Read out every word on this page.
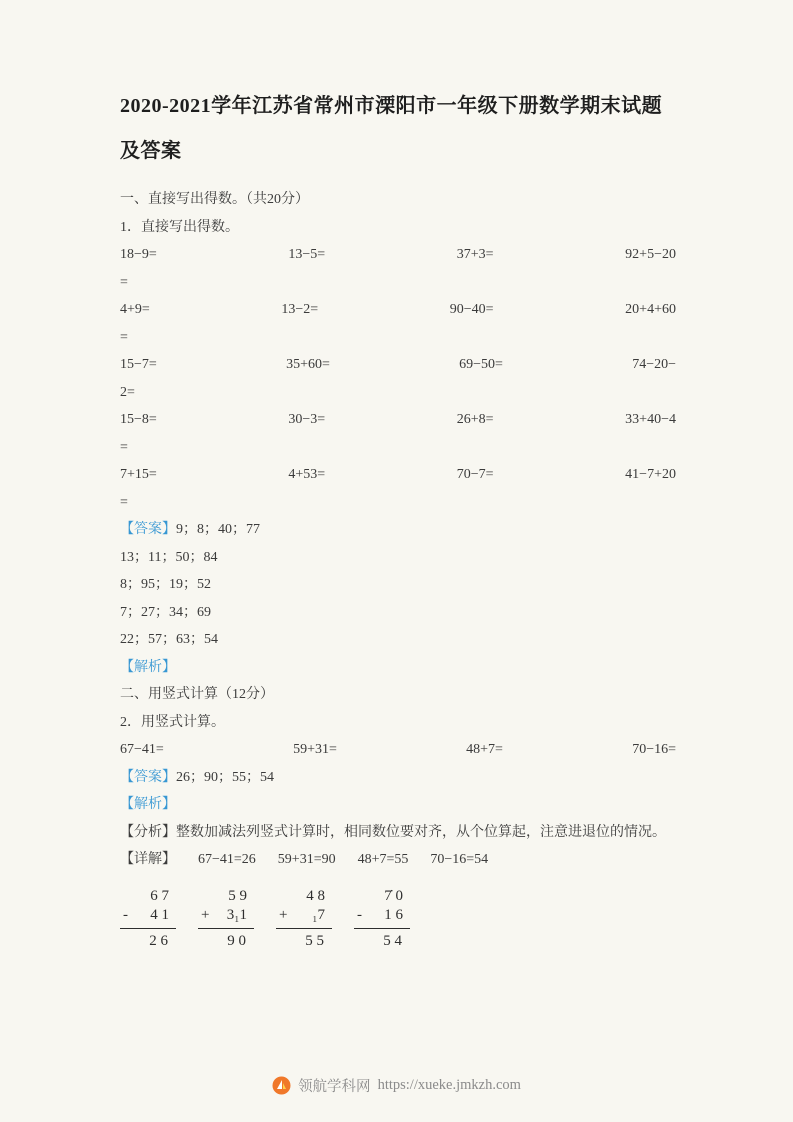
2020-2021学年江苏省常州市溧阳市一年级下册数学期末试题及答案

一、直接写出得数。（共20分）

1．直接写出得数。

18−9=	13−5=	37+3=	92+5−20

=

4+9=	13−2=	90−40=	20+4+60

=

15−7=	35+60=	69−50=	74−20−

2=

15−8=	30−3=	26+8=	33+40−4

=

7+15=	4+53=	70−7=	41−7+20

=

【答案】 9；8；40；77

13；11；50；84

8；95；19；52

7；27；34；69

22；57；63；54

【解析】

二、用竖式计算（12分）

2．用竖式计算。

67−41=	59+31=	48+7=	70−16=
【答案】 26；90；55；54

【解析】

【分析】整数加减法列竖式计算时，相同数位要对齐，从个位算起，注意进退位的情况。

【详解】 67−41=26 59+31=90 48+7=55 70−16=54
6 7
- 4 1
2 6
5 9
+ 3₁1
9 0
4 8
+ ₁7
5 5
7̇ 0
- 1 6
5 4
领航学科网 https://xueke.jmkzh.com
